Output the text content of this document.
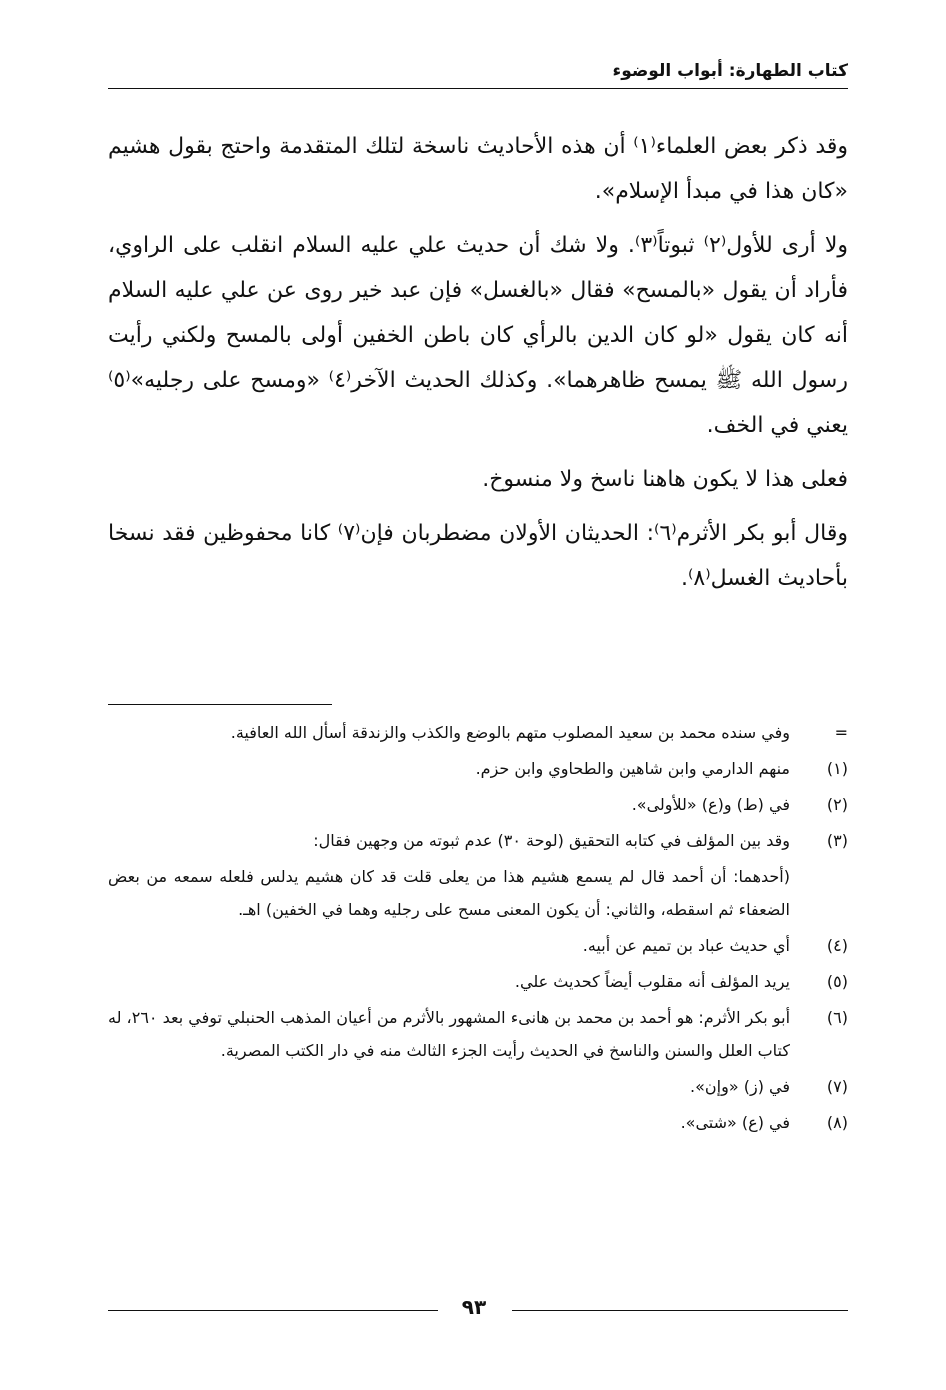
كتاب الطهارة: أبواب الوضوء

وقد ذكر بعض العلماء⁽١⁾ أن هذه الأحاديث ناسخة لتلك المتقدمة واحتج بقول هشيم «كان هذا في مبدأ الإسلام».

ولا أرى للأول⁽٢⁾ ثبوتاً⁽٣⁾. ولا شك أن حديث علي عليه السلام انقلب على الراوي، فأراد أن يقول «بالمسح» فقال «بالغسل» فإن عبد خير روى عن علي عليه السلام أنه كان يقول «لو كان الدين بالرأي كان باطن الخفين أولى بالمسح ولكني رأيت رسول الله ﷺ يمسح ظاهرهما». وكذلك الحديث الآخر⁽٤⁾ «ومسح على رجليه»⁽٥⁾ يعني في الخف.

فعلى هذا لا يكون هاهنا ناسخ ولا منسوخ.

وقال أبو بكر الأثرم⁽٦⁾: الحديثان الأولان مضطربان فإن⁽٧⁾ كانا محفوظين فقد نسخا بأحاديث الغسل⁽٨⁾.

=
وفي سنده محمد بن سعيد المصلوب متهم بالوضع والكذب والزندقة أسأل الله العافية.
(١)
منهم الدارمي وابن شاهين والطحاوي وابن حزم.
(٢)
في (ط) و(ع) «للأولى».
(٣)
وقد بين المؤلف في كتابه التحقيق (لوحة ٣٠) عدم ثبوته من وجهين فقال:
(أحدهما: أن أحمد قال لم يسمع هشيم هذا من يعلى قلت قد كان هشيم يدلس فلعله سمعه من بعض الضعفاء ثم اسقطه، والثاني: أن يكون المعنى مسح على رجليه وهما في الخفين) اهـ.
(٤)
أي حديث عباد بن تميم عن أبيه.
(٥)
يريد المؤلف أنه مقلوب أيضاً كحديث علي.
(٦)
أبو بكر الأثرم: هو أحمد بن محمد بن هانىء المشهور بالأثرم من أعيان المذهب الحنبلي توفي بعد ٢٦٠، له كتاب العلل والسنن والناسخ في الحديث رأيت الجزء الثالث منه في دار الكتب المصرية.
(٧)
في (ز) «وإن».
(٨)
في (ع) «شتى».
٩٣
